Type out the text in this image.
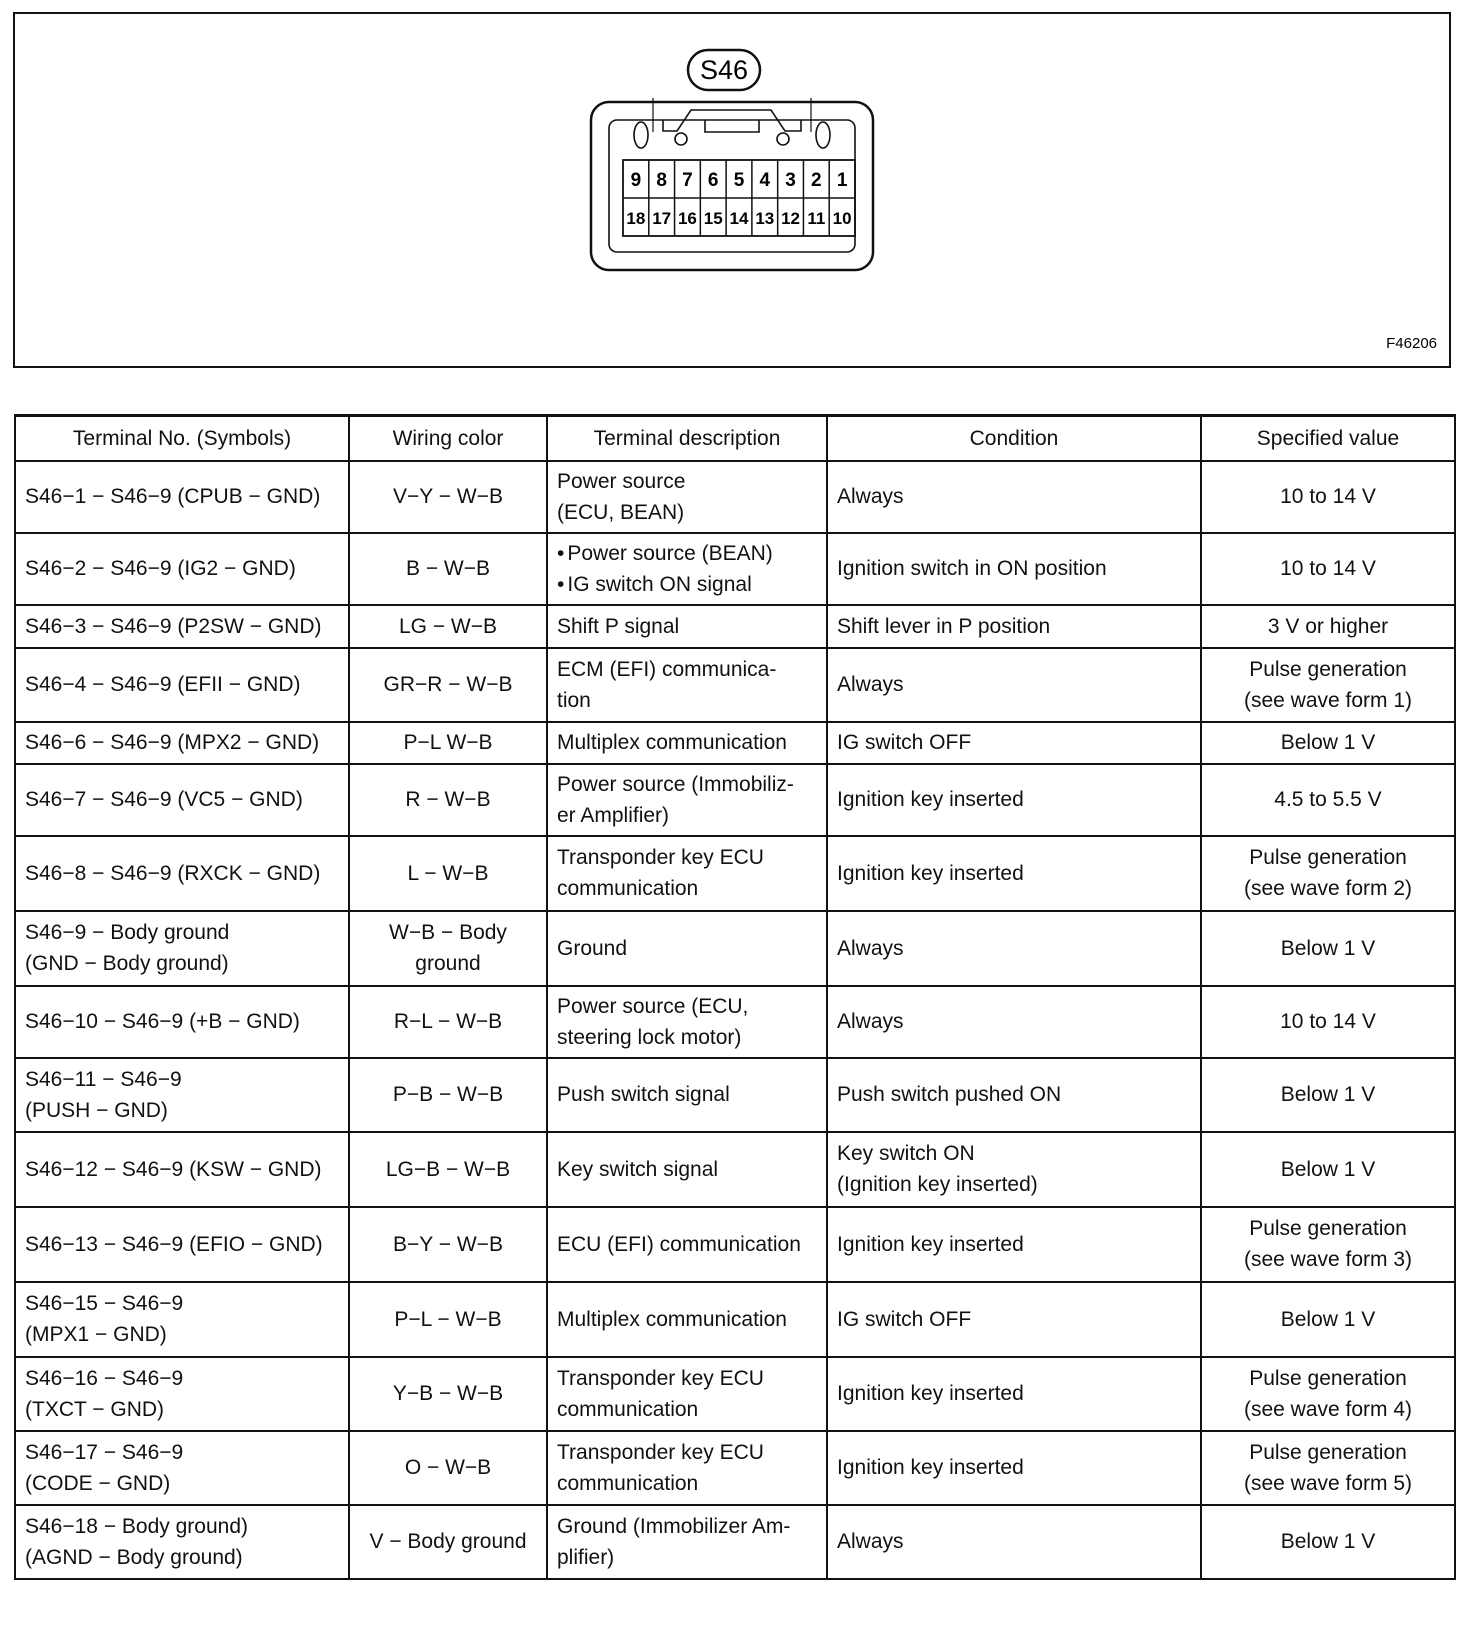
S46
9 8 7 6 5 4 3 2 1
18 17 16 15 14 13 12 11 10
F46206
Terminal No. (Symbols)	Wiring color	Terminal description	Condition	Specified value

S46−1 − S46−9 (CPUB − GND)	V−Y − W−B	Power source
(ECU, BEAN)	Always	10 to 14 V

S46−2 − S46−9 (IG2 − GND)	B − W−B	• Power source (BEAN)
• IG switch ON signal	Ignition switch in ON position	10 to 14 V

S46−3 − S46−9 (P2SW − GND)	LG − W−B	Shift P signal	Shift lever in P position	3 V or higher

S46−4 − S46−9 (EFII − GND)	GR−R − W−B	ECM (EFI) communica-
tion	Always	Pulse generation
(see wave form 1)

S46−6 − S46−9 (MPX2 − GND)	P−L W−B	Multiplex communication	IG switch OFF	Below 1 V

S46−7 − S46−9 (VC5 − GND)	R − W−B	Power source (Immobiliz-
er Amplifier)	Ignition key inserted	4.5 to 5.5 V

S46−8 − S46−9 (RXCK − GND)	L − W−B	Transponder key ECU
communication	Ignition key inserted	Pulse generation
(see wave form 2)

S46−9 − Body ground
(GND − Body ground)	W−B − Body
ground	Ground	Always	Below 1 V

S46−10 − S46−9 (+B − GND)	R−L − W−B	Power source (ECU,
steering lock motor)	Always	10 to 14 V

S46−11 − S46−9
(PUSH − GND)	P−B − W−B	Push switch signal	Push switch pushed ON	Below 1 V

S46−12 − S46−9 (KSW − GND)	LG−B − W−B	Key switch signal	Key switch ON
(Ignition key inserted)	Below 1 V

S46−13 − S46−9 (EFIO − GND)	B−Y − W−B	ECU (EFI) communication	Ignition key inserted	Pulse generation
(see wave form 3)

S46−15 − S46−9
(MPX1 − GND)	P−L − W−B	Multiplex communication	IG switch OFF	Below 1 V

S46−16 − S46−9
(TXCT − GND)	Y−B − W−B	Transponder key ECU
communication	Ignition key inserted	Pulse generation
(see wave form 4)

S46−17 − S46−9
(CODE − GND)	O − W−B	Transponder key ECU
communication	Ignition key inserted	Pulse generation
(see wave form 5)

S46−18 − Body ground)
(AGND − Body ground)	V − Body ground	Ground (Immobilizer Am-
plifier)	Always	Below 1 V
